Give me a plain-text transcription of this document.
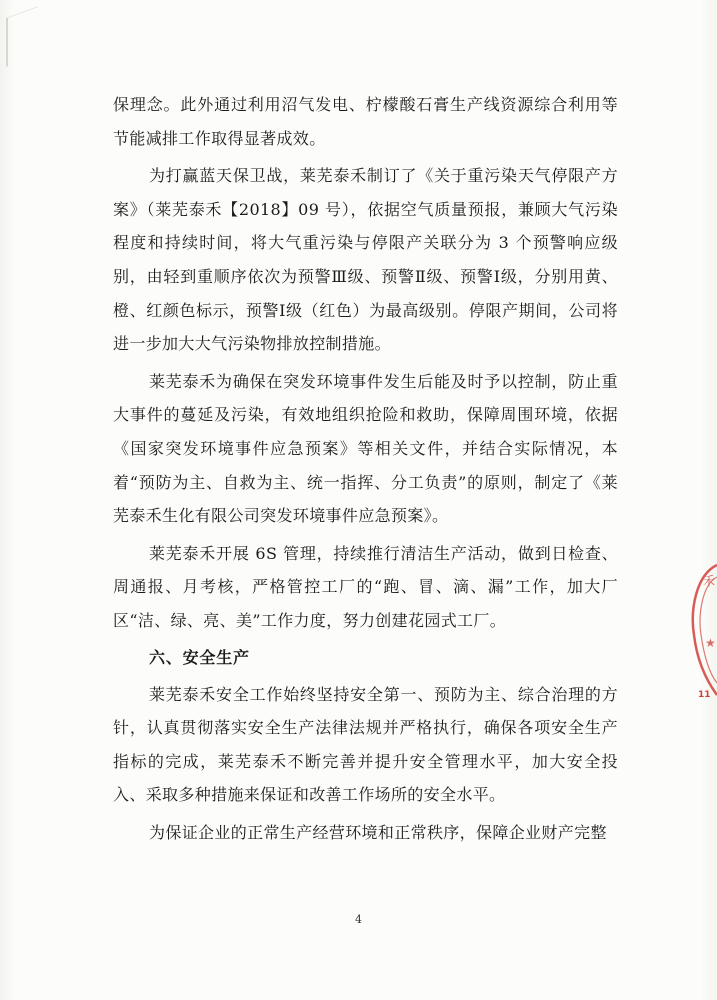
保理念。此外通过利用沼气发电、柠檬酸石膏生产线资源综合利用等节能减排工作取得显著成效。

为打赢蓝天保卫战，莱芜泰禾制订了《关于重污染天气停限产方案》（莱芜泰禾【2018】09 号），依据空气质量预报，兼顾大气污染程度和持续时间，将大气重污染与停限产关联分为 3 个预警响应级别，由轻到重顺序依次为预警Ⅲ级、预警Ⅱ级、预警Ⅰ级，分别用黄、橙、红颜色标示，预警Ⅰ级（红色）为最高级别。停限产期间，公司将进一步加大大气污染物排放控制措施。

莱芜泰禾为确保在突发环境事件发生后能及时予以控制，防止重大事件的蔓延及污染，有效地组织抢险和救助，保障周围环境，依据《国家突发环境事件应急预案》等相关文件，并结合实际情况，本着“预防为主、自救为主、统一指挥、分工负责”的原则，制定了《莱芜泰禾生化有限公司突发环境事件应急预案》。

莱芜泰禾开展 6S 管理，持续推行清洁生产活动，做到日检查、周通报、月考核，严格管控工厂的“跑、冒、滴、漏”工作，加大厂区“洁、绿、亮、美”工作力度，努力创建花园式工厂。

六、安全生产

莱芜泰禾安全工作始终坚持安全第一、预防为主、综合治理的方针，认真贯彻落实安全生产法律法规并严格执行，确保各项安全生产指标的完成，莱芜泰禾不断完善并提升安全管理水平，加大安全投入、采取多种措施来保证和改善工作场所的安全水平。

为保证企业的正常生产经营环境和正常秩序，保障企业财产完整

4
禾
★
11
